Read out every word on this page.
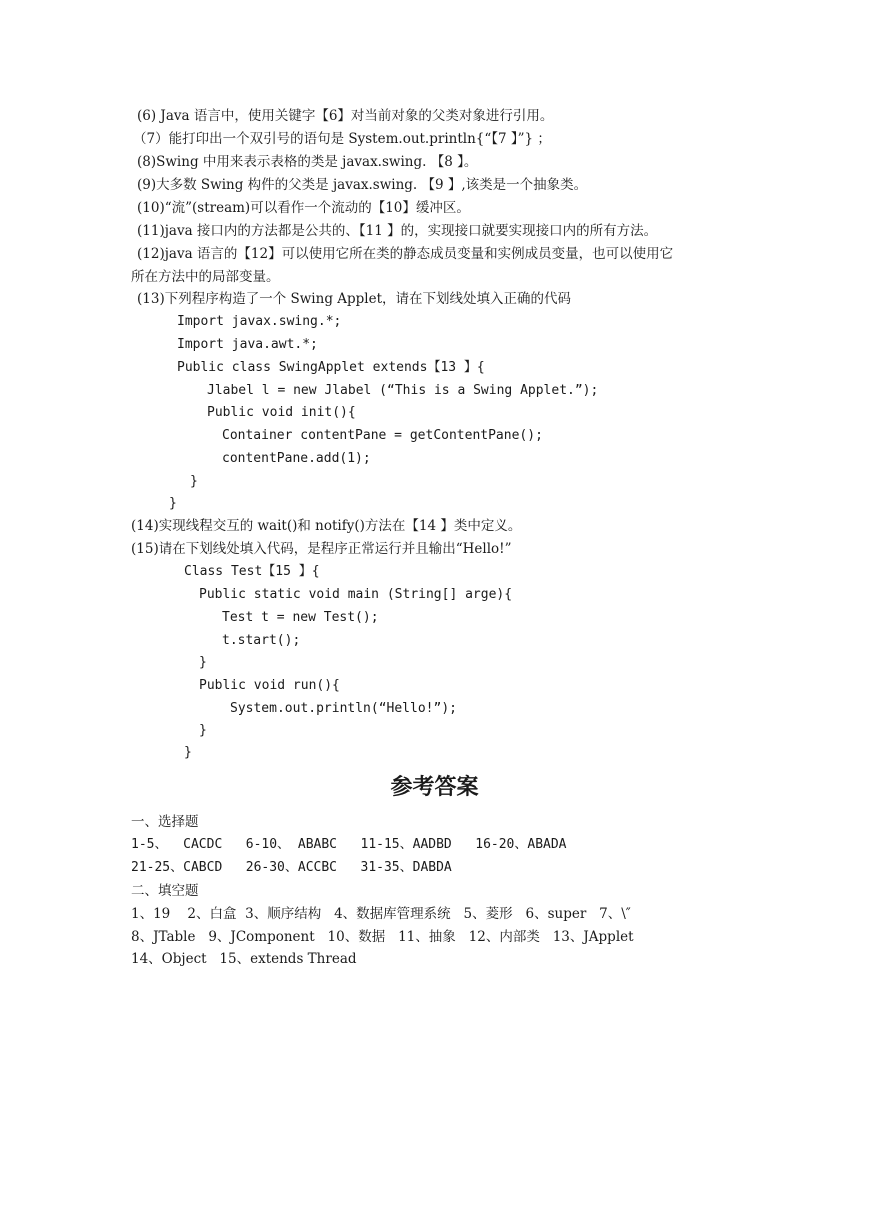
(6) Java 语言中，使用关键字【6】对当前对象的父类对象进行引用。
（7）能打印出一个双引号的语句是 System.out.println{“【7 】”} ；
(8)Swing 中用来表示表格的类是 javax.swing. 【8 】。
(9)大多数 Swing 构件的父类是 javax.swing. 【9 】,该类是一个抽象类。
(10)“流”(stream)可以看作一个流动的【10】缓冲区。
(11)java 接口内的方法都是公共的、【11 】的，实现接口就要实现接口内的所有方法。
(12)java 语言的【12】可以使用它所在类的静态成员变量和实例成员变量，也可以使用它
所在方法中的局部变量。
(13)下列程序构造了一个 Swing Applet，请在下划线处填入正确的代码
Import javax.swing.*;
Import java.awt.*;
Public class SwingApplet extends【13 】{
Jlabel l = new Jlabel (“This is a Swing Applet.”);
Public void init(){
Container contentPane = getContentPane();
contentPane.add(1);
}
}
(14)实现线程交互的 wait()和 notify()方法在【14 】类中定义。
(15)请在下划线处填入代码，是程序正常运行并且输出“Hello!”
Class Test【15 】{
Public static void main (String[] arge){
Test t = new Test();
t.start();
}
Public void run(){
System.out.println(“Hello!”);
}
}
参考答案
一、选择题
1-5、  CACDC   6-10、 ABABC   11-15、AADBD   16-20、ABADA
21-25、CABCD   26-30、ACCBC   31-35、DABDA
二、填空题
1、19    2、白盒  3、顺序结构   4、数据库管理系统   5、菱形   6、super   7、\″
8、JTable   9、JComponent   10、数据   11、抽象   12、内部类   13、JApplet
14、Object   15、extends Thread
